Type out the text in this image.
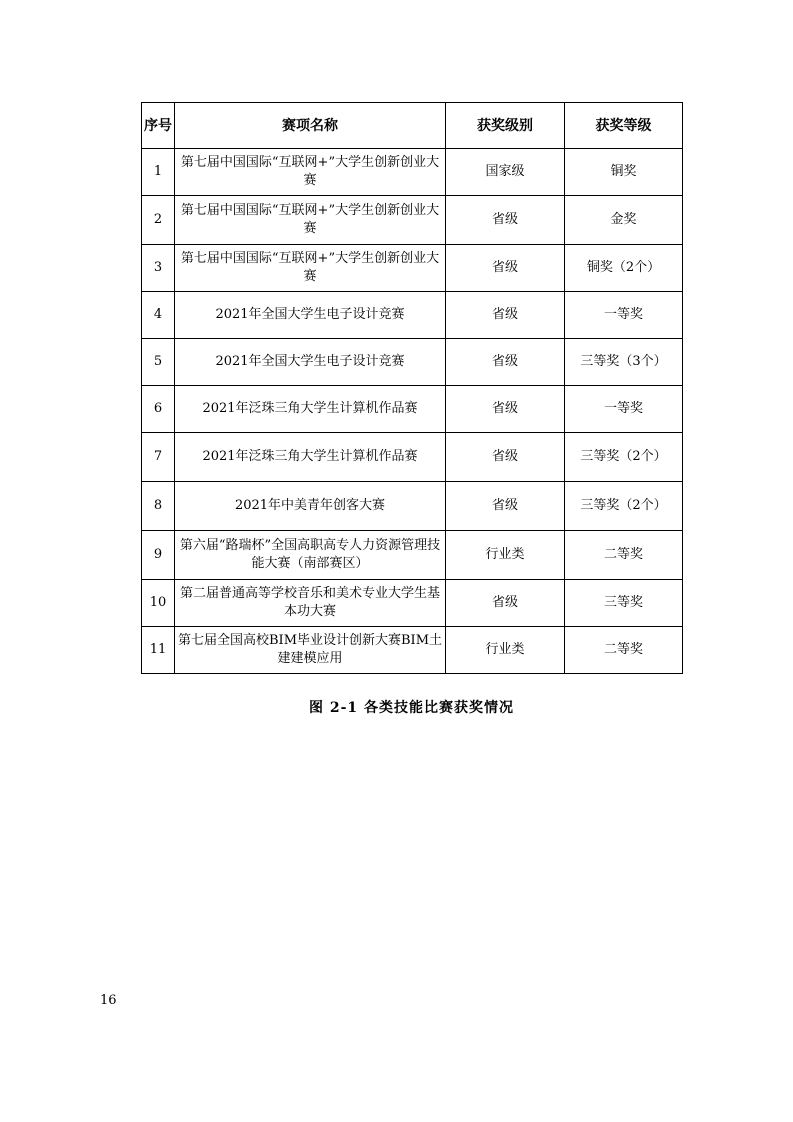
序号	赛项名称	获奖级别	获奖等级
1	第七届中国国际“互联网+”大学生创新创业大赛	国家级	铜奖
2	第七届中国国际“互联网+”大学生创新创业大赛	省级	金奖
3	第七届中国国际“互联网+”大学生创新创业大赛	省级	铜奖（2个）
4	2021年全国大学生电子设计竞赛	省级	一等奖
5	2021年全国大学生电子设计竞赛	省级	三等奖（3个）
6	2021年泛珠三角大学生计算机作品赛	省级	一等奖
7	2021年泛珠三角大学生计算机作品赛	省级	三等奖（2个）
8	2021年中美青年创客大赛	省级	三等奖（2个）
9	第六届“路瑞杯”全国高职高专人力资源管理技能大赛（南部赛区）	行业类	二等奖
10	第二届普通高等学校音乐和美术专业大学生基本功大赛	省级	三等奖
11	第七届全国高校BIM毕业设计创新大赛BIM土建建模应用	行业类	二等奖
图 2-1 各类技能比赛获奖情况
16
